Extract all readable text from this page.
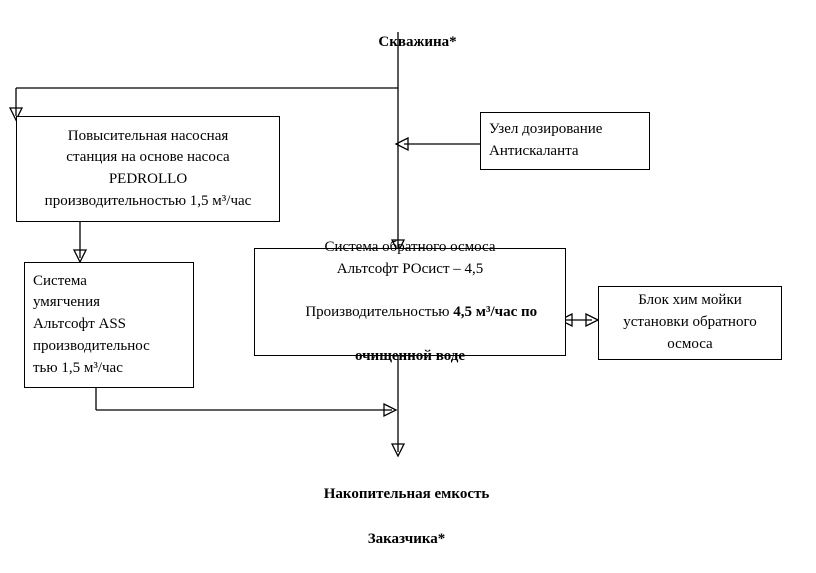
Скважина*

Повысительная насосная
станция на основе насоса
PEDROLLO
производительностью 1,5 м³/час
Узел дозирование
Антискаланта
Система
умягчения
Альтсофт ASS
производительнос
тью 1,5 м³/час
Система обратного осмоса
Альтсофт РОсист – 4,5

Производительностью 4,5 м³/час по

очищенной воде
Блок хим мойки
установки обратного
осмоса

Накопительная емкость

Заказчика*
